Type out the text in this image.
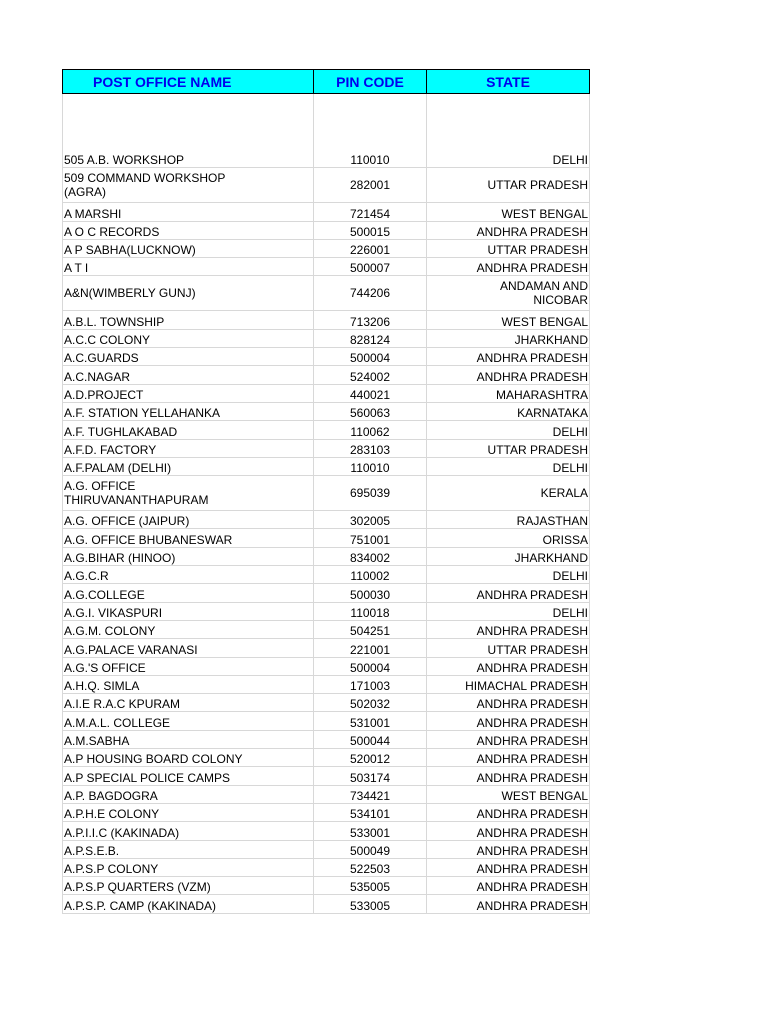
POST OFFICE NAME	PIN CODE	STATE

505 A.B. WORKSHOP	110010	DELHI
509 COMMAND WORKSHOP
(AGRA)	282001	UTTAR PRADESH
A MARSHI	721454	WEST BENGAL
A O C RECORDS	500015	ANDHRA PRADESH
A P SABHA(LUCKNOW)	226001	UTTAR PRADESH
A T I	500007	ANDHRA PRADESH
A&N(WIMBERLY GUNJ)	744206	ANDAMAN AND
NICOBAR
A.B.L. TOWNSHIP	713206	WEST BENGAL
A.C.C COLONY	828124	JHARKHAND
A.C.GUARDS	500004	ANDHRA PRADESH
A.C.NAGAR	524002	ANDHRA PRADESH
A.D.PROJECT	440021	MAHARASHTRA
A.F. STATION YELLAHANKA	560063	KARNATAKA
A.F. TUGHLAKABAD	110062	DELHI
A.F.D. FACTORY	283103	UTTAR PRADESH
A.F.PALAM (DELHI)	110010	DELHI
A.G. OFFICE
THIRUVANANTHAPURAM	695039	KERALA
A.G. OFFICE (JAIPUR)	302005	RAJASTHAN
A.G. OFFICE BHUBANESWAR	751001	ORISSA
A.G.BIHAR (HINOO)	834002	JHARKHAND
A.G.C.R	110002	DELHI
A.G.COLLEGE	500030	ANDHRA PRADESH
A.G.I. VIKASPURI	110018	DELHI
A.G.M. COLONY	504251	ANDHRA PRADESH
A.G.PALACE VARANASI	221001	UTTAR PRADESH
A.G.'S OFFICE	500004	ANDHRA PRADESH
A.H.Q. SIMLA	171003	HIMACHAL PRADESH
A.I.E R.A.C KPURAM	502032	ANDHRA PRADESH
A.M.A.L. COLLEGE	531001	ANDHRA PRADESH
A.M.SABHA	500044	ANDHRA PRADESH
A.P HOUSING BOARD COLONY	520012	ANDHRA PRADESH
A.P SPECIAL POLICE CAMPS	503174	ANDHRA PRADESH
A.P. BAGDOGRA	734421	WEST BENGAL
A.P.H.E COLONY	534101	ANDHRA PRADESH
A.P.I.I.C (KAKINADA)	533001	ANDHRA PRADESH
A.P.S.E.B.	500049	ANDHRA PRADESH
A.P.S.P COLONY	522503	ANDHRA PRADESH
A.P.S.P QUARTERS (VZM)	535005	ANDHRA PRADESH
A.P.S.P. CAMP (KAKINADA)	533005	ANDHRA PRADESH
